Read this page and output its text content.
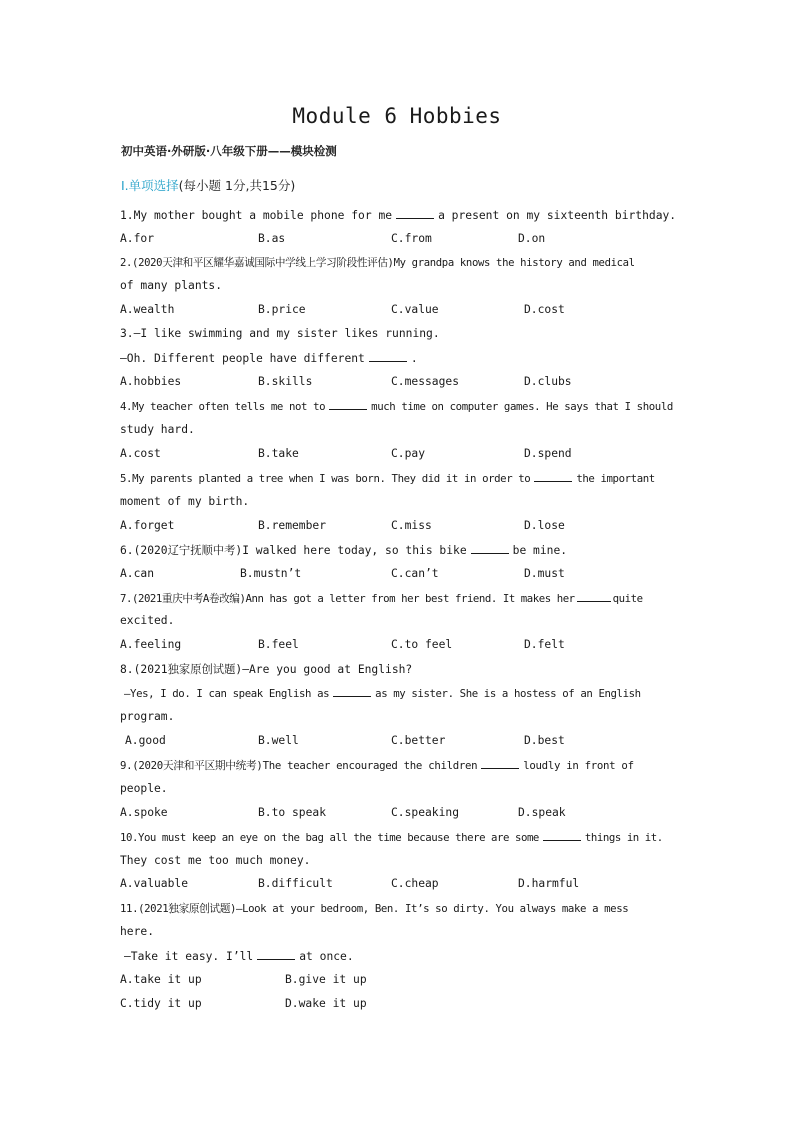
Module 6 Hobbies
初中英语·外研版·八年级下册——模块检测
Ⅰ.单项选择(每小题 1分,共15分)
1.My mother bought a mobile phone for me	a present on my sixteenth birthday.
A.for	B.as	C.from	D.on
2.(2020天津和平区耀华嘉诚国际中学线上学习阶段性评估)My grandpa knows the history and medical
of many plants.
A.wealth	B.price	C.value	D.cost
3.—I like swimming and my sister likes running.
—Oh. Different people have different	.
A.hobbies	B.skills	C.messages	D.clubs
4.My teacher often tells me not to	much time on computer games. He says that I should
study hard.
A.cost	B.take	C.pay	D.spend
5.My parents planted a tree when I was born. They did it in order to	the important
moment of my birth.
A.forget	B.remember	C.miss	D.lose
6.(2020辽宁抚顺中考)I walked here today, so this bike	be mine.
A.can	B.mustn’t	C.can’t	D.must
7.(2021重庆中考A卷改编)Ann has got a letter from her best friend. It makes her	quite
excited.
A.feeling	B.feel	C.to feel	D.felt
8.(2021独家原创试题)—Are you good at English?
—Yes, I do. I can speak English as	as my sister. She is a hostess of an English
program.
A.good	B.well	C.better	D.best
9.(2020天津和平区期中统考)The teacher encouraged the children	loudly in front of
people.
A.spoke	B.to speak	C.speaking	D.speak
10.You must keep an eye on the bag all the time because there are some	things in it.
They cost me too much money.
A.valuable	B.difficult	C.cheap	D.harmful
11.(2021独家原创试题)—Look at your bedroom, Ben. It’s so dirty. You always make a mess
here.
—Take it easy. I’ll	at once.
A.take it up	B.give it up
C.tidy it up	D.wake it up
